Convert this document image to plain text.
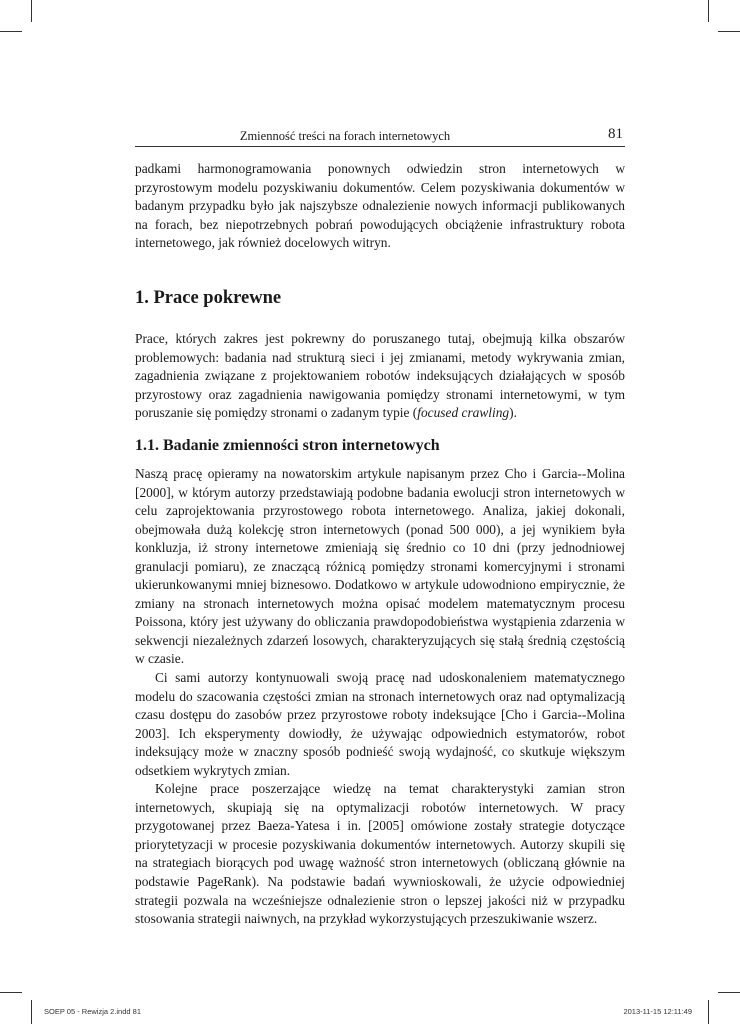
Zmienność treści na forach internetowych	81

padkami harmonogramowania ponownych odwiedzin stron internetowych w przyrostowym modelu pozyskiwaniu dokumentów. Celem pozyskiwania dokumentów w badanym przypadku było jak najszybsze odnalezienie nowych informacji publikowanych na forach, bez niepotrzebnych pobrań powodujących obciążenie infrastruktury robota internetowego, jak również docelowych witryn.

1. Prace pokrewne

Prace, których zakres jest pokrewny do poruszanego tutaj, obejmują kilka obszarów problemowych: badania nad strukturą sieci i jej zmianami, metody wykrywania zmian, zagadnienia związane z projektowaniem robotów indeksujących działających w sposób przyrostowy oraz zagadnienia nawigowania pomiędzy stronami internetowymi, w tym poruszanie się pomiędzy stronami o zadanym typie (focused crawling).

1.1. Badanie zmienności stron internetowych

Naszą pracę opieramy na nowatorskim artykule napisanym przez Cho i Garcia--Molina [2000], w którym autorzy przedstawiają podobne badania ewolucji stron internetowych w celu zaprojektowania przyrostowego robota internetowego. Analiza, jakiej dokonali, obejmowała dużą kolekcję stron internetowych (ponad 500 000), a jej wynikiem była konkluzja, iż strony internetowe zmieniają się średnio co 10 dni (przy jednodniowej granulacji pomiaru), ze znaczącą różnicą pomiędzy stronami komercyjnymi i stronami ukierunkowanymi mniej biznesowo. Dodatkowo w artykule udowodniono empirycznie, że zmiany na stronach internetowych można opisać modelem matematycznym procesu Poissona, który jest używany do obliczania prawdopodobieństwa wystąpienia zdarzenia w sekwencji niezależnych zdarzeń losowych, charakteryzujących się stałą średnią częstością w czasie.

Ci sami autorzy kontynuowali swoją pracę nad udoskonaleniem matematycznego modelu do szacowania częstości zmian na stronach internetowych oraz nad optymalizacją czasu dostępu do zasobów przez przyrostowe roboty indeksujące [Cho i Garcia--Molina 2003]. Ich eksperymenty dowiodły, że używając odpowiednich estymatorów, robot indeksujący może w znaczny sposób podnieść swoją wydajność, co skutkuje większym odsetkiem wykrytych zmian.

Kolejne prace poszerzające wiedzę na temat charakterystyki zamian stron internetowych, skupiają się na optymalizacji robotów internetowych. W pracy przygotowanej przez Baeza-Yatesa i in. [2005] omówione zostały strategie dotyczące priorytetyzacji w procesie pozyskiwania dokumentów internetowych. Autorzy skupili się na strategiach biorących pod uwagę ważność stron internetowych (obliczaną głównie na podstawie PageRank). Na podstawie badań wywnioskowali, że użycie odpowiedniej strategii pozwala na wcześniejsze odnalezienie stron o lepszej jakości niż w przypadku stosowania strategii naiwnych, na przykład wykorzystujących przeszukiwanie wszerz.

SOEP 05 - Rewizja 2.indd 81	2013-11-15 12:11:49
